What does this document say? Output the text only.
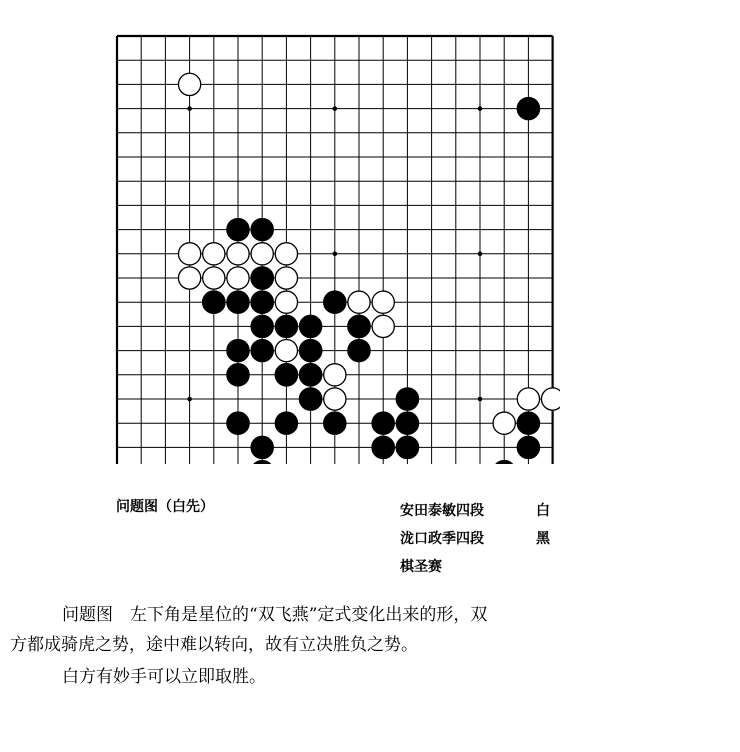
问题图（白先）	安田泰敏四段	白
泷口政季四段	黑
棋圣赛
问题图　左下角是星位的“双飞燕”定式变化出来的形，双
方都成骑虎之势，途中难以转向，故有立决胜负之势。
白方有妙手可以立即取胜。
